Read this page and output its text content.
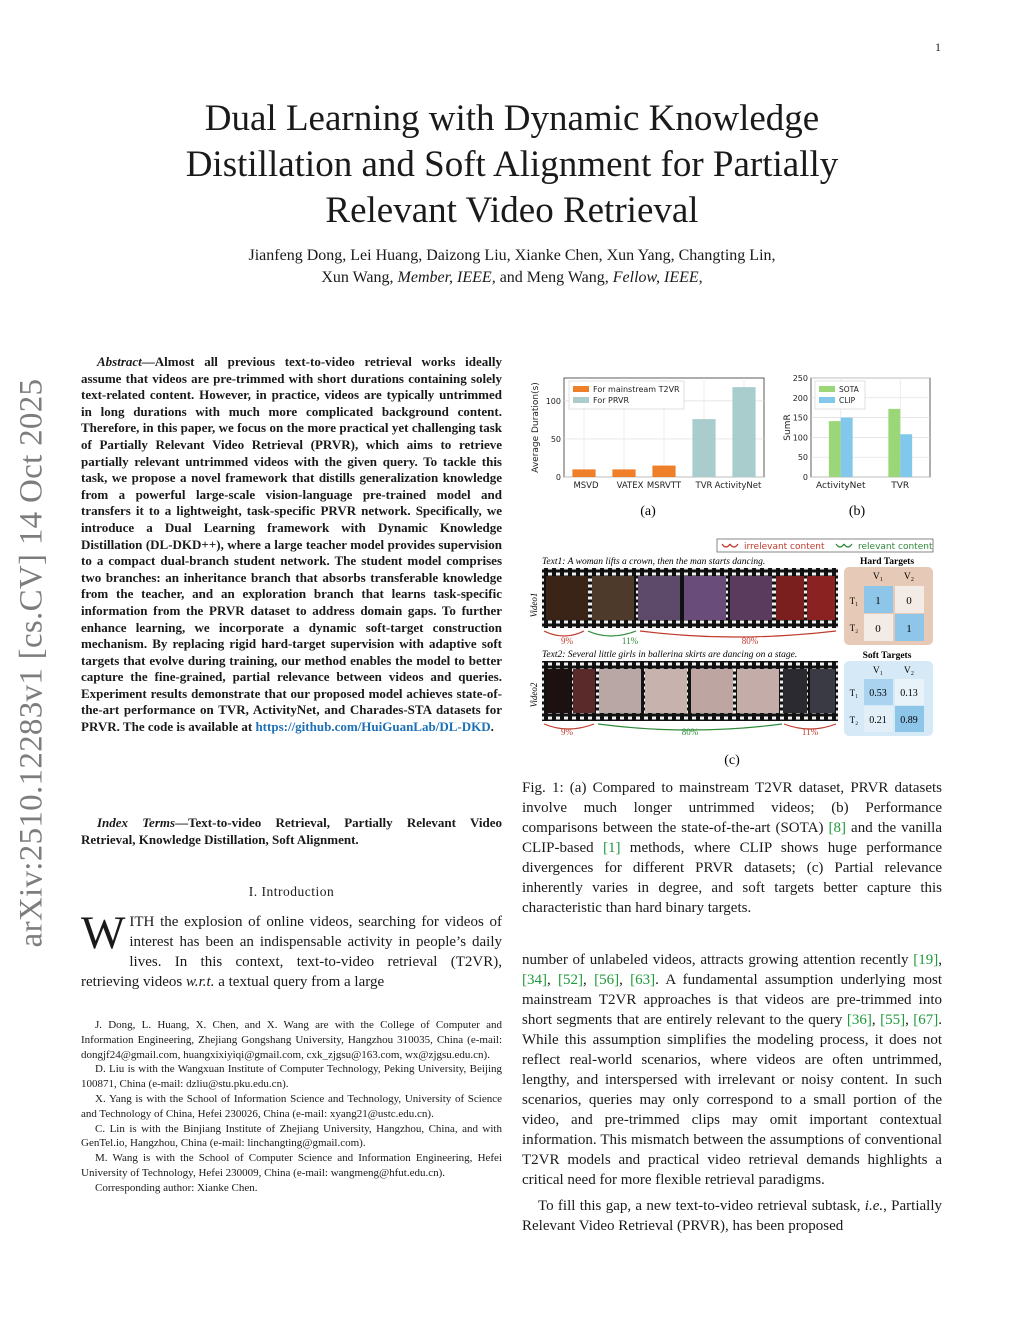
1
arXiv:2510.12283v1 [cs.CV] 14 Oct 2025
Dual Learning with Dynamic Knowledge
Distillation and Soft Alignment for Partially
Relevant Video Retrieval
Jianfeng Dong, Lei Huang, Daizong Liu, Xianke Chen, Xun Yang, Changting Lin,
Xun Wang, Member, IEEE, and Meng Wang, Fellow, IEEE,
Abstract—Almost all previous text-to-video retrieval works ideally assume that videos are pre-trimmed with short durations containing solely text-related content. However, in practice, videos are typically untrimmed in long durations with much more complicated background content. Therefore, in this paper, we focus on the more practical yet challenging task of Partially Relevant Video Retrieval (PRVR), which aims to retrieve partially relevant untrimmed videos with the given query. To tackle this task, we propose a novel framework that distills generalization knowledge from a powerful large-scale vision-language pre-trained model and transfers it to a lightweight, task-specific PRVR network. Specifically, we introduce a Dual Learning framework with Dynamic Knowledge Distillation (DL-DKD++), where a large teacher model provides supervision to a compact dual-branch student network. The student model comprises two branches: an inheritance branch that absorbs transferable knowledge from the teacher, and an exploration branch that learns task-specific information from the PRVR dataset to address domain gaps. To further enhance learning, we incorporate a dynamic soft-target construction mechanism. By replacing rigid hard-target supervision with adaptive soft targets that evolve during training, our method enables the model to better capture the fine-grained, partial relevance between videos and queries. Experiment results demonstrate that our proposed model achieves state-of-the-art performance on TVR, ActivityNet, and Charades-STA datasets for PRVR. The code is available at https://github.com/HuiGuanLab/DL-DKD.
Index Terms—Text-to-video Retrieval, Partially Relevant Video Retrieval, Knowledge Distillation, Soft Alignment.
I. Introduction
WITH the explosion of online videos, searching for videos of interest has been an indispensable activity in people’s daily lives. In this context, text-to-video retrieval (T2VR), retrieving videos w.r.t. a textual query from a large

J. Dong, L. Huang, X. Chen, and X. Wang are with the College of Computer and Information Engineering, Zhejiang Gongshang University, Hangzhou 310035, China (e-mail: dongjf24@gmail.com, huangxixiyiqi@gmail.com, cxk_zjgsu@163.com, wx@zjgsu.edu.cn).

D. Liu is with the Wangxuan Institute of Computer Technology, Peking University, Beijing 100871, China (e-mail: dzliu@stu.pku.edu.cn).

X. Yang is with the School of Information Science and Technology, University of Science and Technology of China, Hefei 230026, China (e-mail: xyang21@ustc.edu.cn).

C. Lin is with the Binjiang Institute of Zhejiang University, Hangzhou, China, and with GenTel.io, Hangzhou, China (e-mail: linchangting@gmail.com).

M. Wang is with the School of Computer Science and Information Engineering, Hefei University of Technology, Hefei 230009, China (e-mail: wangmeng@hfut.edu.cn).

Corresponding author: Xianke Chen.

0
50
100
MSVD VATEX MSRVTT TVR ActivityNet
Average Duration(s)	For mainstream T2VR
For PRVR
0
50
100
150
200
250
ActivityNet	TVR
SumR
SOTA
CLIP
(a)	(b)
irrelevant content	relevant content
Text1: A woman lifts a crown, then the man starts dancing.
Video1
9%	11%	80%
Text2: Several little girls in ballerina skirts are dancing on a stage.
Video2
9%	80%	11%
Hard Targets
V₁ V₂
T₁
T₂
1 0
0 1
Soft Targets
V₁ V₂
T₁
T₂
0.53 0.13
0.21 0.89
(c)
Fig. 1: (a) Compared to mainstream T2VR dataset, PRVR datasets involve much longer untrimmed videos; (b) Performance comparisons between the state-of-the-art (SOTA) [8] and the vanilla CLIP-based [1] methods, where CLIP shows huge performance divergences for different PRVR datasets; (c) Partial relevance inherently varies in degree, and soft targets better capture this characteristic than hard binary targets.

number of unlabeled videos, attracts growing attention recently [19], [34], [52], [56], [63]. A fundamental assumption underlying most mainstream T2VR approaches is that videos are pre-trimmed into short segments that are entirely relevant to the query [36], [55], [67]. While this assumption simplifies the modeling process, it does not reflect real-world scenarios, where videos are often untrimmed, lengthy, and interspersed with irrelevant or noisy content. In such scenarios, queries may only correspond to a small portion of the video, and pre-trimmed clips may omit important contextual information. This mismatch between the assumptions of conventional T2VR models and practical video retrieval demands highlights a critical need for more flexible retrieval paradigms.

To fill this gap, a new text-to-video retrieval subtask, i.e., Partially Relevant Video Retrieval (PRVR), has been proposed
